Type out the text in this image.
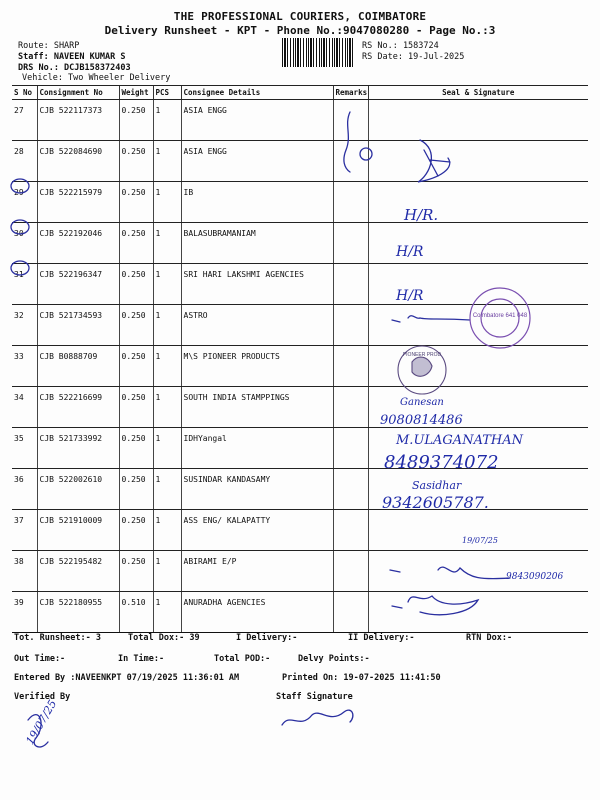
THE PROFESSIONAL COURIERS, COIMBATORE
Delivery Runsheet - KPT - Phone No.:9047080280 - Page No.:3
Route: SHARP
Staff: NAVEEN KUMAR S
DRS No.: DCJB158372403
Vehicle: Two Wheeler Delivery
RS No.: 1583724
RS Date: 19-Jul-2025
S No	Consignment No	Weight	PCS	Consignee Details	Remarks	Seal & Signature
27	CJB 522117373	0.250	1	ASIA ENGG		
28	CJB 522084690	0.250	1	ASIA ENGG		
29	CJB 522215979	0.250	1	IB		
30	CJB 522192046	0.250	1	BALASUBRAMANIAM		
31	CJB 522196347	0.250	1	SRI HARI LAKSHMI AGENCIES		
32	CJB 521734593	0.250	1	ASTRO		
33	CJB B0888709	0.250	1	M\S PIONEER PRODUCTS		
34	CJB 522216699	0.250	1	SOUTH INDIA STAMPPINGS		
35	CJB 521733992	0.250	1	IDHYangal		
36	CJB 522002610	0.250	1	SUSINDAR KANDASAMY		
37	CJB 521910009	0.250	1	ASS ENG/ KALAPATTY		
38	CJB 522195482	0.250	1	ABIRAMI E/P		
39	CJB 522180955	0.510	1	ANURADHA AGENCIES		
Tot. Runsheet:- 3	Total Dox:- 39	I Delivery:-	II Delivery:-	RTN Dox:-
Out Time:-	In Time:-	Total POD:-	Delvy Points:-
Entered By :NAVEENKPT 07/19/2025 11:36:01 AM	Printed On: 19-07-2025 11:41:50
Verified By	Staff Signature
Coimbatore 641 048
PIONEER PROD
H/R.
H/R
H/R
Ganesan
9080814486
M.ULAGANATHAN
8489374072
Sasidhar
9342605787.
19/07/25
9843090206
19/07/25
